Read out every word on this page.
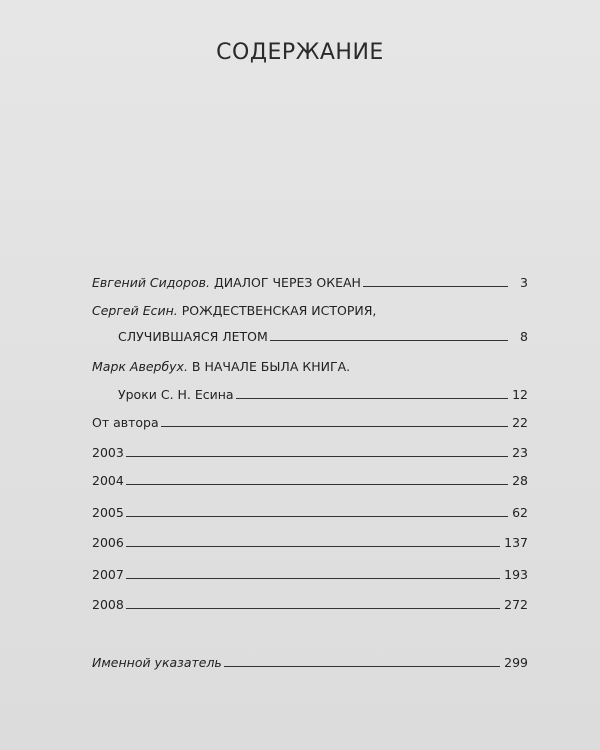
СОДЕРЖАНИЕ
Евгений Сидоров.
ДИАЛОГ ЧЕРЕЗ ОКЕАН	3
Сергей Есин.
РОЖДЕСТВЕНСКАЯ ИСТОРИЯ,
СЛУЧИВШАЯСЯ ЛЕТОМ	8
Марк Авербух.
В НАЧАЛЕ БЫЛА КНИГА.
Уроки С. Н. Есина	12
От автора	22
2003	23
2004	28
2005	62
2006	137
2007	193
2008	272
Именной указатель	299
